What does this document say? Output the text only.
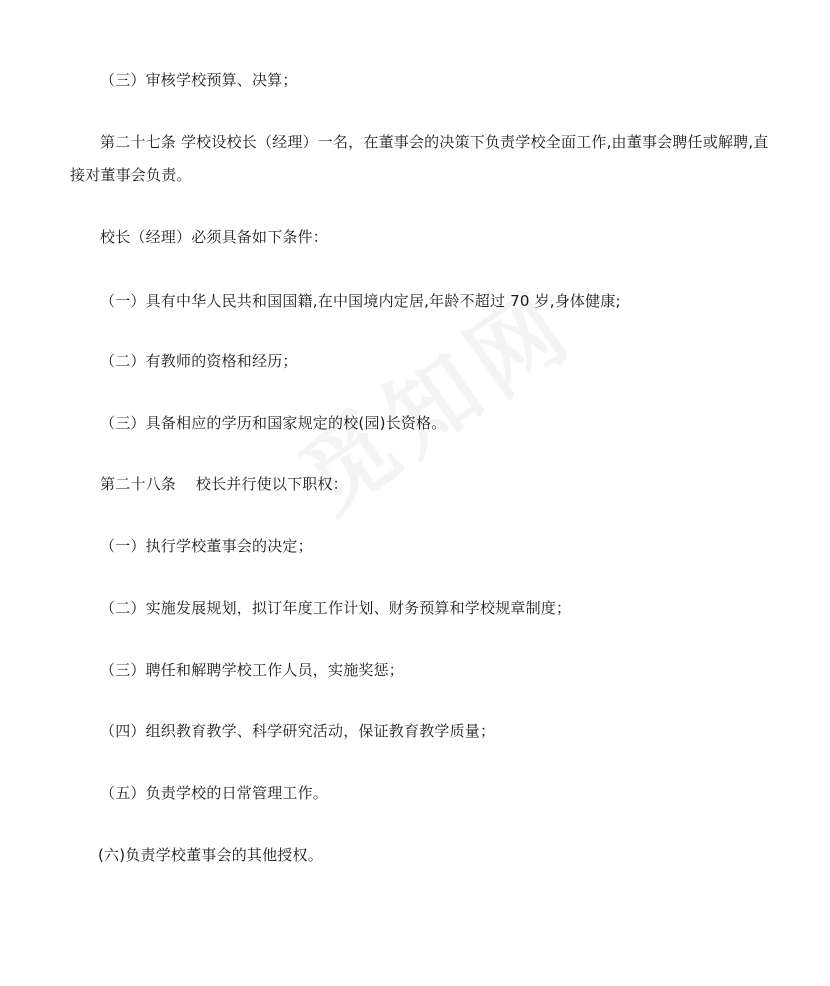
（三）审核学校预算、决算；
第二十七条 学校设校长（经理）一名，在董事会的决策下负责学校全面工作,由董事会聘任或解聘,直接对董事会负责。
校长（经理）必须具备如下条件：
（一）具有中华人民共和国国籍,在中国境内定居,年龄不超过 70 岁,身体健康;
（二）有教师的资格和经历；
（三）具备相应的学历和国家规定的校(园)长资格。
第二十八条    校长并行使以下职权：
（一）执行学校董事会的决定；
（二）实施发展规划，拟订年度工作计划、财务预算和学校规章制度；
（三）聘任和解聘学校工作人员，实施奖惩；
（四）组织教育教学、科学研究活动，保证教育教学质量；
（五）负责学校的日常管理工作。
(六)负责学校董事会的其他授权。
